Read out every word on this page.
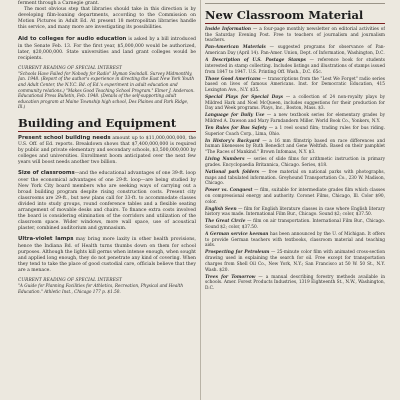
ferment through a Carnegie grant.

The most obvious step that libraries should take in this direction is by developing film-loaning departments, according to the Commission on Motion Pictures in Adult Ed. At present 18 metropolitan libraries handle this service, and many more are investigating its possibilities.

Aid to colleges for audio education is asked by a bill introduced in the Senate Feb. 13. For the first year, $5,000,000 would be authorized, later, $20,000,000. State universities and land grant colleges would be recipients.

CURRENT READING OF SPECIAL INTEREST

"Schools Have Failed for Nobody for Radio" Hyman Swindall. Survey Midmonthly, Jan. 1948. (Report of the author's experience in directing the East New York Youth and Adult Center, the N.Y.C. Bd. of Ed.'s experiment in adult education and community relations.) "Makes Good Teaching School Program." Elmer J. Anderson. Educational Press Bulletin, Feb. 1948. (Details of the self-supporting adult education program at Maine Township high school, Des Plaines and Park Ridge, Ill.)

Building and Equipment

Present school building needs amount up to $11,000,000,000, the U.S. Off. of Ed. reports. Breakdown shows that $7,400,000,000 is required by public and private elementary and secondary schools, $3,500,000,000 by colleges and universities. Enrollment boom anticipated over the next few years will boost needs another two billion.

Size of classrooms—and the educational advantages of one 39-ft. loop over the economical advantages of one 29-ft. loop—are being studied by New York City board members who are seeking ways of carrying out a broad building program despite rising construction costs. Present city classrooms are 29-ft., but new plans call for 33-ft. to accommodate classes divided into study groups, round conference tables and a flexible seating arrangement of movable desks and chairs. To finance extra costs involved the board is considering elimination of the corridors and utilization of the classroom space. Wider windows, more wall space, use of acoustical plaster, combined auditorium and gymnasium.

Ultra-violet lamps may bring more laxity in other health provisions, hence the Indiana Bd. of Health turns thumbs down on them for school purposes. Although the lights kill germs when intense enough, when sought and applied long enough, they do not penetrate any kind of covering. When they tend to take the place of good custodial care, officials believe that they are a menace.

CURRENT READING OF SPECIAL INTEREST

"A Guide for Planning Facilities for Athletics, Recreation, Physical and Health Education." Athletic Inst., Chicago 177 p. $1.50.

New Classroom Material

Inside Information — a four-page monthly newsletter on editorial activities of the Saturday Evening Post. Free to teachers of journalism and journalism teachers.

Pan-American Materials — suggested programs for observance of Pan-American Day (April 14). Pan-Amer. Union, Dept. of Information, Washington, D.C.

A Description of U.S. Postage Stamps — reference book for students interested in stamp collecting. Includes listings and illustrations of stamps issued from 1847 to 1947. U.S. Printing Off. Wash., D.C. 65c.

Those Good Americans — transcriptions from the "Lest We Forget" radio series based on lives of famous Americans. Inst. for Democratic Education, 415 Lexington Ave., N.Y. $35.

Special Plays for Special Days — a collection of 24 non-royalty plays by Mildred Hark and Noel McQueen, includes suggestions for their production for Day and Week programs. Plays, Inc., Boston, Mass. $3.

Language for Daily Use — a new textbook series for elementary grades by Mildred A. Dawson and Mary Farndandern Miller. World Book Co., Yonkers, N.Y.

Ten Rules for Bus Safety — a 1 reel sound film; trading rules for bus riding. Superior Coach Corp., Lima, Ohio.

In History's Backyard — a 16 mm filmstrip based on race differences and human likenesses by Ruth Benedict and Gene Weltfish. Based on their pamphlet "The Races of Mankind." Brown Infomaas, N.Y. $3.

Living Numbers — series of slide films for arithmetic instruction in primary grades. Encyclopaedia Britannica, Chicago. Series, $18.

National park folders — free material on national parks with photographs, maps and tabulated information. Greyhound Transportation Co., 230 W. Madison, Chicago.

Power vs. Conquest — film, suitable for intermediate grades film which classes on compressional energy and authority. Coronet Films, Chicago, Ill. Color $90, color.

English Seen — film for English literature classes in case where English literary history was made. International Film Bur., Chicago. Sound $2; color, $37.50.

The Great Circle — film on air transportation. International Film Bur., Chicago. Sound $2; color, $37.50.

A German service keeman has been announced by the U. of Michigan. It offers to provide German teachers with textbooks, classroom material and teaching aids.

Prospecting for Petroleum — 25-minute color film with animated cross-section drawing used in explaining the search for oil. Free except for transportation charges from Shell Oil Co., New York, N.Y.; San Francisco at 50 W. 50 St., N.Y. Wash. $20.

Trees for Tomorrow — a manual describing forestry methods available in schools. Amer. Forest Products Industries, 1319 Eighteenth St., N.W., Washington, D.C.
